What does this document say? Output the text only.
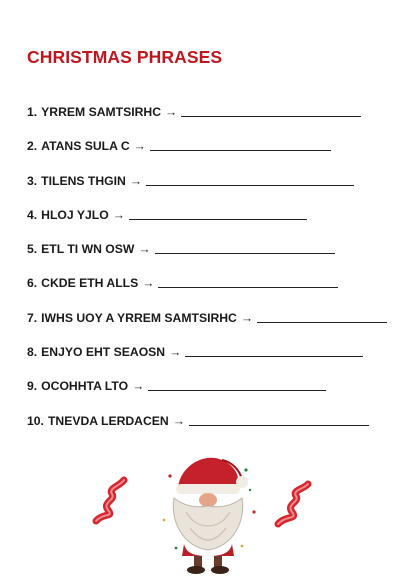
CHRISTMAS PHRASES
1. YRREM SAMTSIRHC →
2. ATANS SULA C →
3. TILENS THGIN →
4. HLOJ YJLO →
5. ETL TI WN OSW →
6. CKDE ETH ALLS →
7. IWHS UOY A YRREM SAMTSIRHC →
8. ENJYO EHT SEAOSN →
9. OCOHHTA LTO →
10. TNEVDA LERDACEN →
